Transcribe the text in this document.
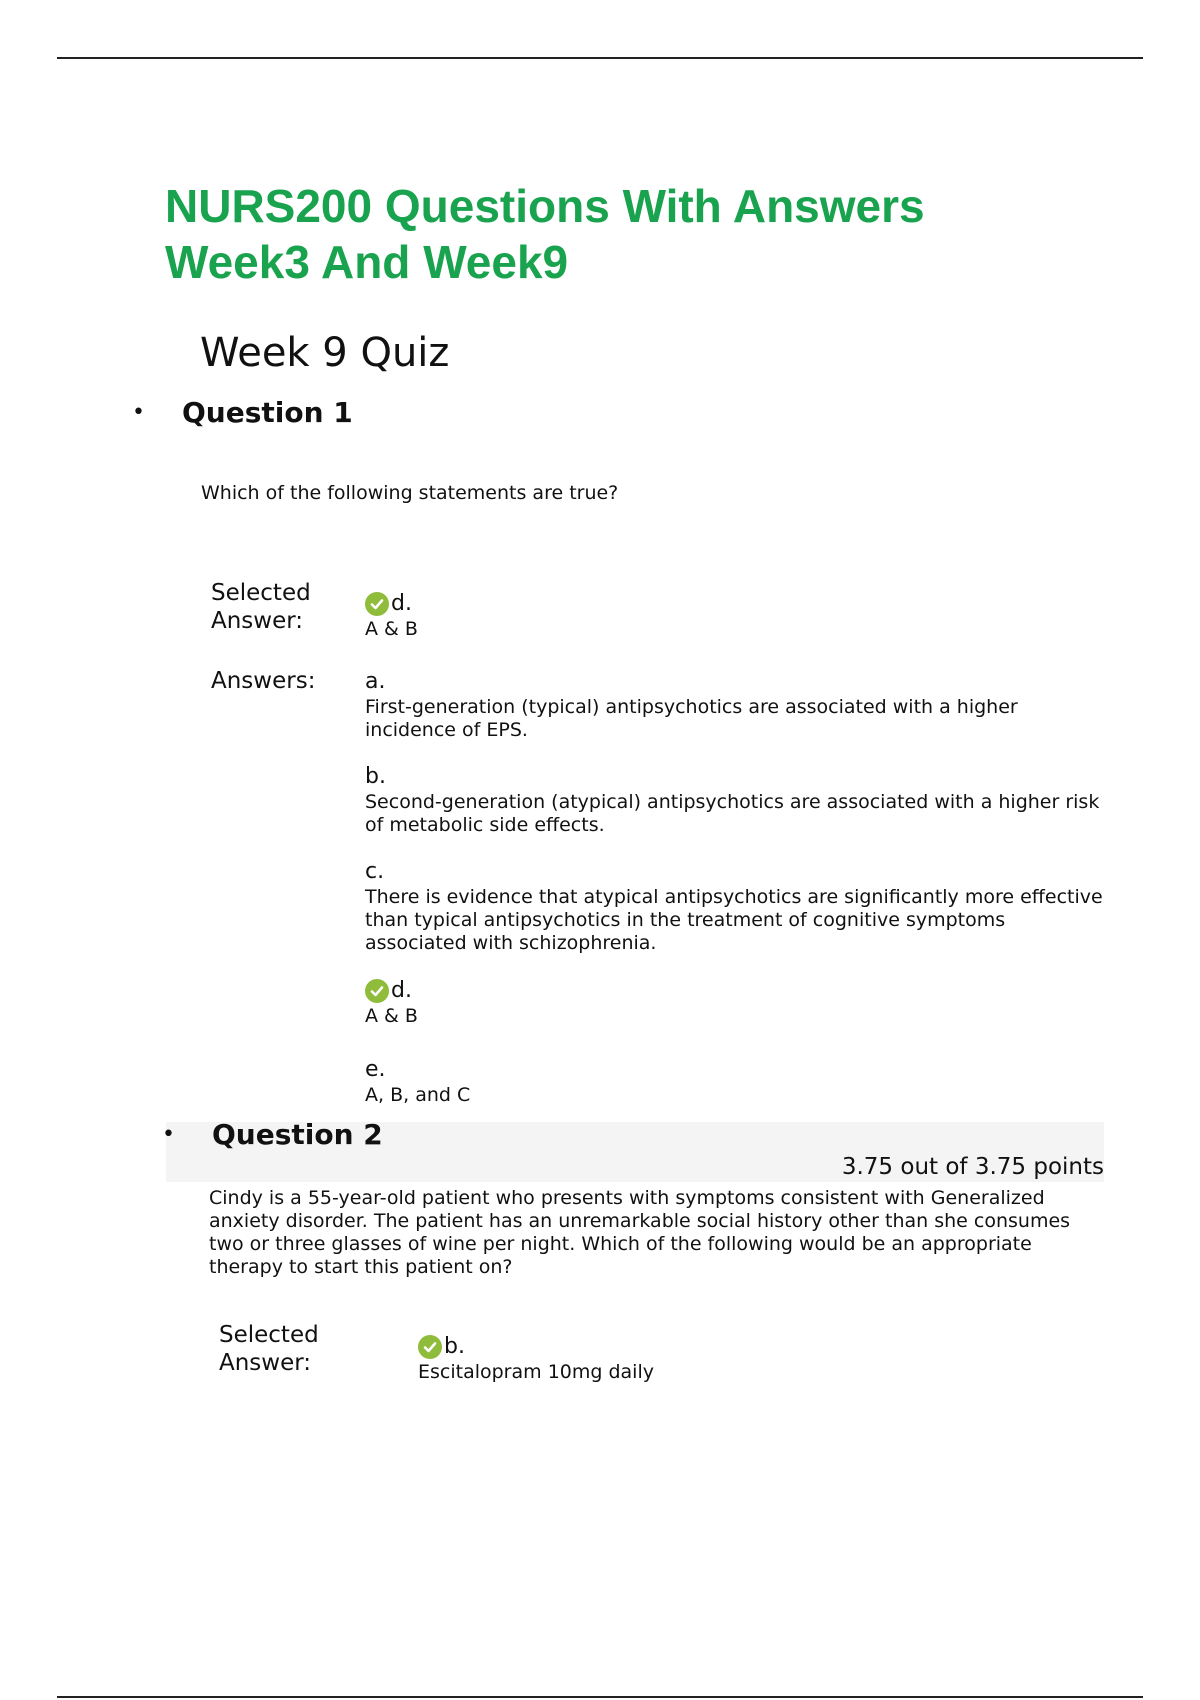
NURS200 Questions With Answers
Week3 And Week9
Week 9 Quiz
•	Question 1

Which of the following statements are true?

Selected
Answer:
d.
A & B
Answers: a.
First-generation (typical) antipsychotics are associated with a higher incidence of EPS.
b.
Second-generation (atypical) antipsychotics are associated with a higher risk of metabolic side effects.
c.
There is evidence that atypical antipsychotics are significantly more effective than typical antipsychotics in the treatment of cognitive symptoms associated with schizophrenia.
d.
A & B
e.
A, B, and C
•	Question 2
3.75 out of 3.75 points

Cindy is a 55-year-old patient who presents with symptoms consistent with Generalized anxiety disorder. The patient has an unremarkable social history other than she consumes two or three glasses of wine per night. Which of the following would be an appropriate therapy to start this patient on?

Selected
Answer:
b.
Escitalopram 10mg daily
